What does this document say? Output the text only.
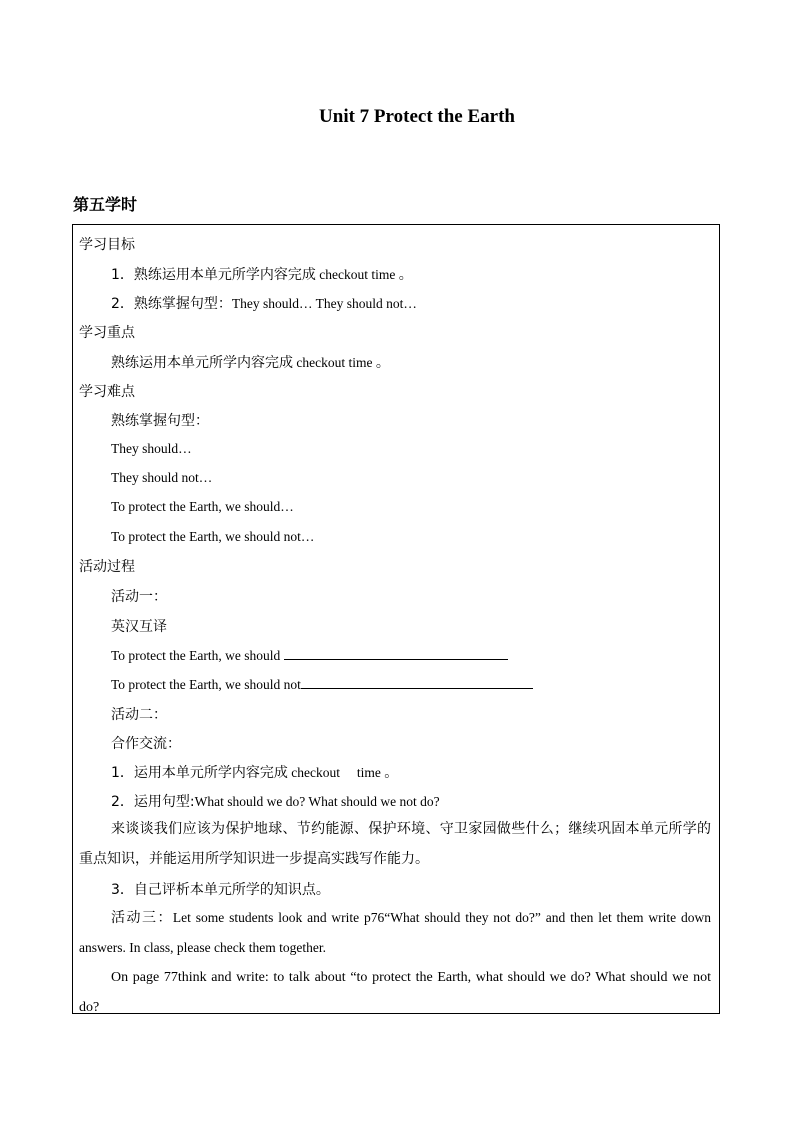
Unit 7 Protect the Earth
第五学时
学习目标
1．熟练运用本单元所学内容完成 checkout time 。
2．熟练掌握句型：They should… They should not…
学习重点
熟练运用本单元所学内容完成 checkout time 。
学习难点
熟练掌握句型：
They should…
They should not…
To protect the Earth, we should…
To protect the Earth, we should not…
活动过程
活动一：
英汉互译
To protect the Earth, we should
To protect the Earth, we should not
活动二：
合作交流：
1．运用本单元所学内容完成 checkout     time 。
2．运用句型:What should we do? What should we not do?
来谈谈我们应该为保护地球、节约能源、保护环境、守卫家园做些什么；继续巩固本单元所学的重点知识，并能运用所学知识进一步提高实践写作能力。
3．自己评析本单元所学的知识点。
活动三：Let some students look and write p76“What should they not do?” and then let them write down answers. In class, please check them together.
On page 77think and write: to talk about “to protect the Earth, what should we do? What should we not do?
